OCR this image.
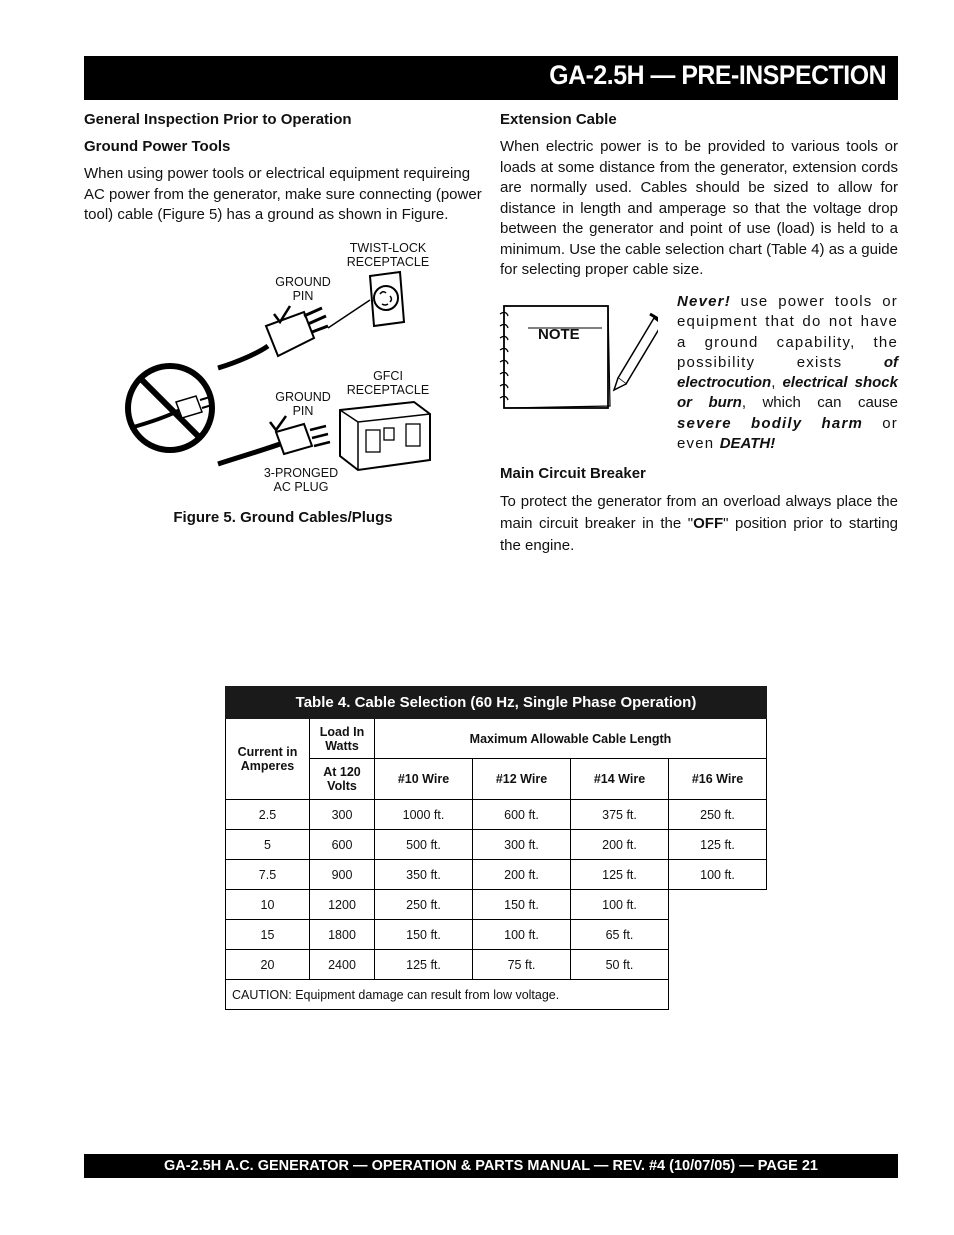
GA-2.5H — PRE-INSPECTION
General Inspection Prior to Operation
Ground Power Tools
When using power tools or electrical equipment requireing AC power from the generator, make sure connecting (power tool) cable (Figure 5) has a ground as shown in Figure.
TWIST-LOCK
RECEPTACLE
GROUND
PIN
GFCI
RECEPTACLE
GROUND
PIN
3-PRONGED
AC PLUG
Figure 5. Ground Cables/Plugs
Extension Cable
When electric power is to be provided to various tools or loads at some distance from the generator, extension cords are normally used. Cables should be sized to allow for distance in length and amperage so that the voltage drop between the generator and point of use (load) is held to a minimum. Use the cable selection chart (Table 4) as a guide for selecting proper cable size.
NOTE
Never! use power tools or equipment that do not have a ground capability, the possibility exists of electrocution, electrical shock or burn, which can cause severe bodily harm or even DEATH!
Main Circuit Breaker
To protect the generator from an overload always place the main circuit breaker in the "OFF" position prior to starting the engine.
Table 4. Cable Selection (60 Hz, Single Phase Operation)					
Current in Amperes	Load In Watts	Maximum Allowable Cable Length			
	At 120 Volts	#10 Wire	#12 Wire	#14 Wire	#16 Wire
2.5	300	1000 ft.	600 ft.	375 ft.	250 ft.
5	600	500 ft.	300 ft.	200 ft.	125 ft.
7.5	900	350 ft.	200 ft.	125 ft.	100 ft.
10	1200	250 ft.	150 ft.	100 ft.	
15	1800	150 ft.	100 ft.	65 ft.	
20	2400	125 ft.	75 ft.	50 ft.	
CAUTION: Equipment damage can result from low voltage.					
GA-2.5H A.C. GENERATOR — OPERATION & PARTS MANUAL — REV. #4 (10/07/05) — PAGE 21
